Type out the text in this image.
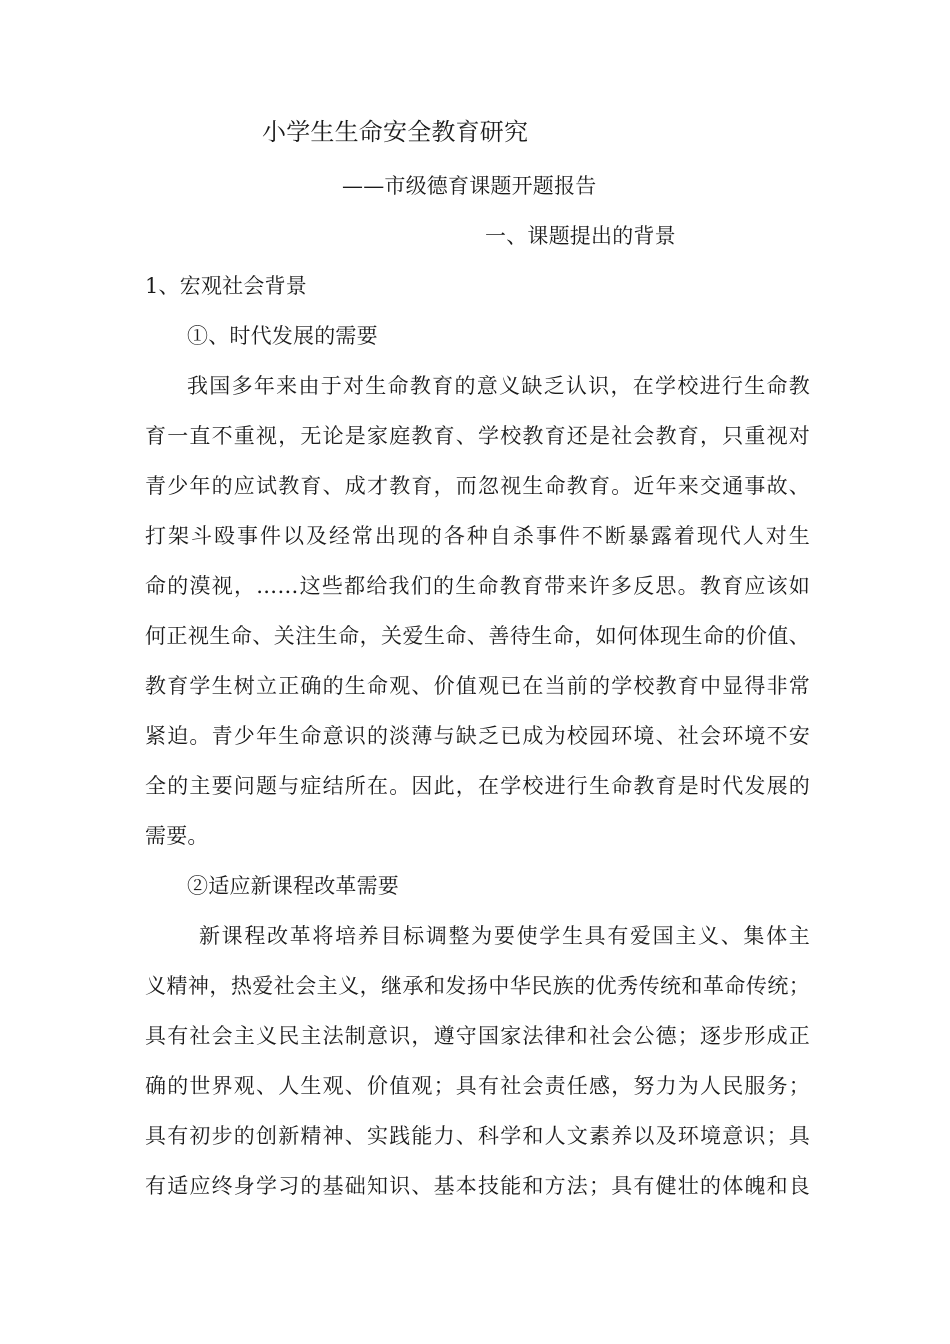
小学生生命安全教育研究
——市级德育课题开题报告
一、课题提出的背景
1、宏观社会背景
①、时代发展的需要
我国多年来由于对生命教育的意义缺乏认识，在学校进行生命教
育一直不重视，无论是家庭教育、学校教育还是社会教育，只重视对
青少年的应试教育、成才教育，而忽视生命教育。近年来交通事故、
打架斗殴事件以及经常出现的各种自杀事件不断暴露着现代人对生
命的漠视，……这些都给我们的生命教育带来许多反思。教育应该如
何正视生命、关注生命，关爱生命、善待生命，如何体现生命的价值、
教育学生树立正确的生命观、价值观已在当前的学校教育中显得非常
紧迫。青少年生命意识的淡薄与缺乏已成为校园环境、社会环境不安
全的主要问题与症结所在。因此，在学校进行生命教育是时代发展的
需要。
②适应新课程改革需要
新课程改革将培养目标调整为要使学生具有爱国主义、集体主
义精神，热爱社会主义，继承和发扬中华民族的优秀传统和革命传统；
具有社会主义民主法制意识，遵守国家法律和社会公德；逐步形成正
确的世界观、人生观、价值观；具有社会责任感，努力为人民服务；
具有初步的创新精神、实践能力、科学和人文素养以及环境意识；具
有适应终身学习的基础知识、基本技能和方法；具有健壮的体魄和良
